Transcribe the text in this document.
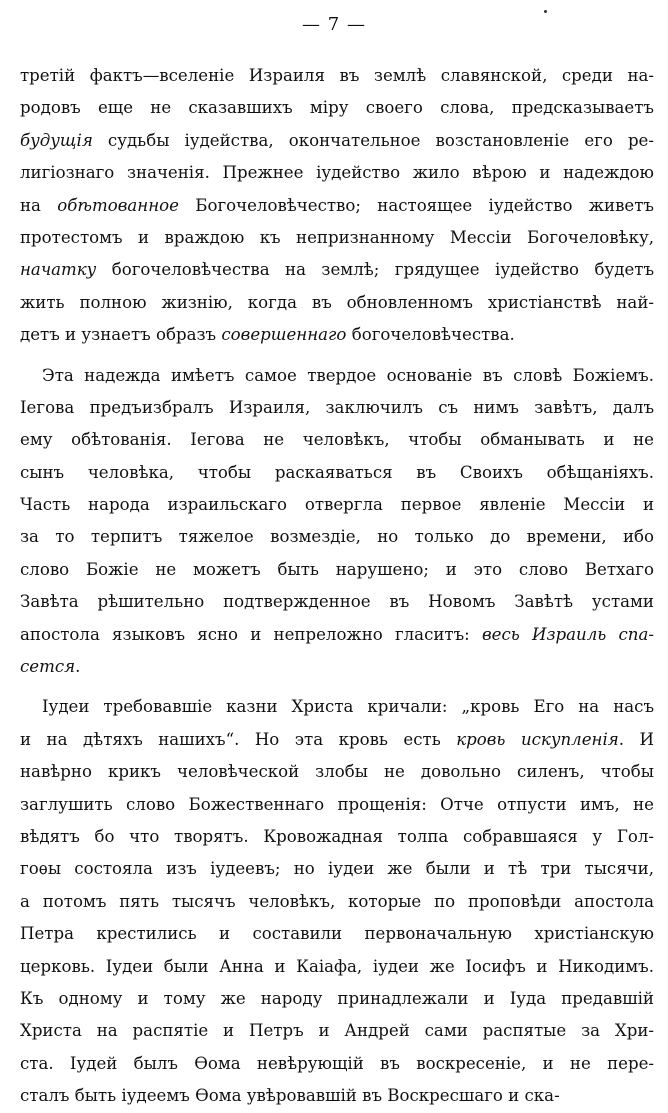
— 7 —
третій фактъ—вселеніе Израиля въ землѣ славянской, среди на-
родовъ еще не сказавшихъ міру своего слова, предсказываетъ
будущія судьбы іудейства, окончательное возстановленіе его ре-
лигіознаго значенія. Прежнее іудейство жило вѣрою и надеждою
на обѣтованное Богочеловѣчество; настоящее іудейство живетъ
протестомъ и враждою къ непризнанному Мессіи Богочеловѣку,
начатку богочеловѣчества на землѣ; грядущее іудейство будетъ
жить полною жизнію, когда въ обновленномъ христіанствѣ най-
детъ и узнаетъ образъ совершеннаго богочеловѣчества.
Эта надежда имѣетъ самое твердое основаніе въ словѣ Божіемъ.
Іегова предъизбралъ Израиля, заключилъ съ нимъ завѣтъ, далъ
ему обѣтованія. Іегова не человѣкъ, чтобы обманывать и не
сынъ человѣка, чтобы раскаяваться въ Своихъ обѣщаніяхъ.
Часть народа израильскаго отвергла первое явленіе Мессіи и
за то терпитъ тяжелое возмездіе, но только до времени, ибо
слово Божіе не можетъ быть нарушено; и это слово Ветхаго
Завѣта рѣшительно подтвержденное въ Новомъ Завѣтѣ устами
апостола языковъ ясно и непреложно гласитъ: весь Израиль спа-
сется.
Іудеи требовавшіе казни Христа кричали: „кровь Его на насъ
и на дѣтяхъ нашихъ“. Но эта кровь есть кровь искупленія. И
навѣрно крикъ человѣческой злобы не довольно силенъ, чтобы
заглушить слово Божественнаго прощенія: Отче отпусти имъ, не
вѣдятъ бо что творятъ. Кровожадная толпа собравшаяся у Гол-
гоѳы состояла изъ іудеевъ; но іудеи же были и тѣ три тысячи,
а потомъ пять тысячъ человѣкъ, которые по проповѣди апостола
Петра крестились и составили первоначальную христіанскую
церковь. Іудеи были Анна и Каіафа, іудеи же Іосифъ и Никодимъ.
Къ одному и тому же народу принадлежали и Іуда предавшій
Христа на распятіе и Петръ и Андрей сами распятые за Хри-
ста. Іудей былъ Ѳома невѣрующій въ воскресеніе, и не пере-
сталъ быть іудеемъ Ѳома увѣровавшій въ Воскресшаго и ска-
